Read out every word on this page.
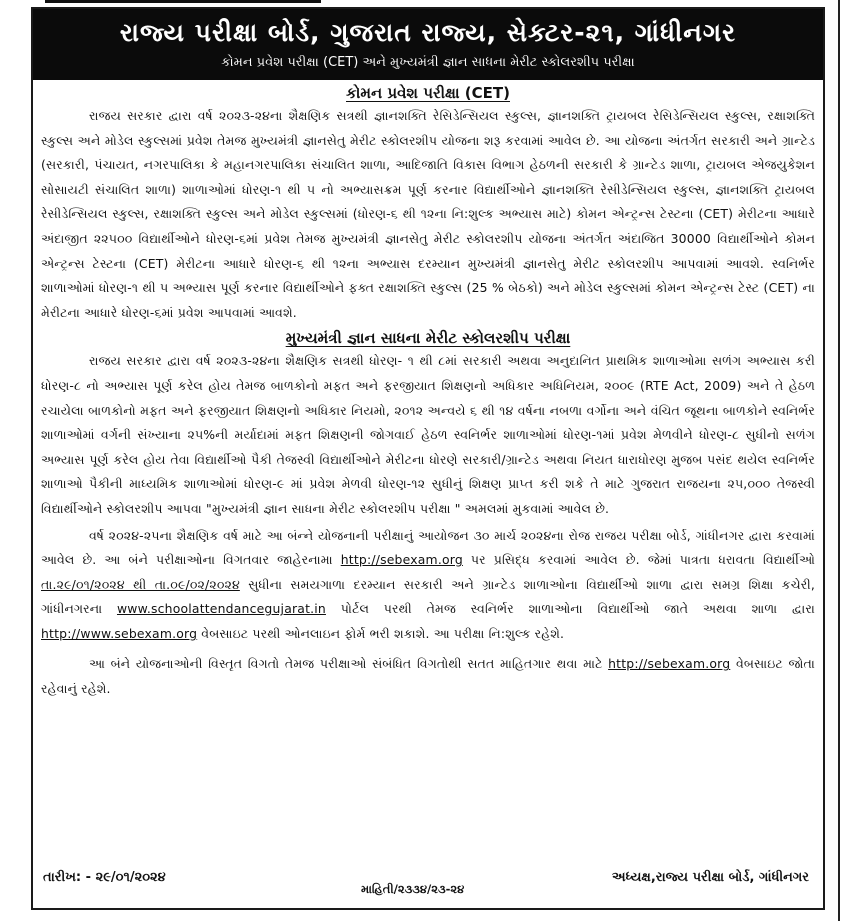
રાજ્ય પરીક્ષા બોર્ડ, ગુજરાત રાજ્ય, સેક્ટર-૨૧, ગાંધીનગર
કોમન પ્રવેશ પરીક્ષા (CET) અને મુખ્યમંત્રી જ્ઞાન સાધના મેરીટ સ્કોલરશીપ પરીક્ષા
કોમન પ્રવેશ પરીક્ષા (CET)

રાજય સરકાર દ્વારા વર્ષ ૨૦૨૩-૨૪ના શૈક્ષણિક સત્રથી જ્ઞાનશક્તિ રેસિડેન્સિયલ સ્કુલ્સ, જ્ઞાનશક્તિ ટ્રાયબલ રેસિડેન્સિયલ સ્કુલ્સ, રક્ષાશક્તિ સ્કુલ્સ અને મોડેલ સ્કુલ્સમાં પ્રવેશ તેમજ મુખ્યમંત્રી જ્ઞાનસેતુ મેરીટ સ્કોલરશીપ યોજના શરૂ કરવામાં આવેલ છે. આ યોજના અંતર્ગત સરકારી અને ગ્રાન્ટેડ (સરકારી, પંચાયત, નગરપાલિકા કે મહાનગરપાલિકા સંચાલિત શાળા, આદિજાતિ વિકાસ વિભાગ હેઠળની સરકારી કે ગ્રાન્ટેડ શાળા, ટ્રાયબલ એજયુકેશન સોસાયટી સંચાલિત શાળા) શાળાઓમાં ધોરણ-૧ થી ૫ નો અભ્યાસક્રમ પૂર્ણ કરનાર વિદ્યાર્થીઓને જ્ઞાનશક્તિ રેસીડેન્સિયલ સ્કુલ્સ, જ્ઞાનશક્તિ ટ્રાયબલ રેસીડેન્સિયલ સ્કુલ્સ, રક્ષાશક્તિ સ્કુલ્સ અને મોડેલ સ્કુલ્સમાં (ધોરણ-૬ થી ૧૨ના નિ:શુલ્ક અભ્યાસ માટે) કોમન એન્ટ્રન્સ ટેસ્ટના (CET) મેરીટના આધારે અંદાજીત ૨૨૫૦૦ વિદ્યાર્થીઓને ધોરણ-૬માં પ્રવેશ તેમજ મુખ્યમંત્રી જ્ઞાનસેતુ મેરીટ સ્કોલરશીપ યોજના અંતર્ગત અંદાજિત 30000 વિદ્યાર્થીઓને કોમન એન્ટ્રન્સ ટેસ્ટના (CET) મેરીટના આધારે ધોરણ-૬ થી ૧૨ના અભ્યાસ દરમ્યાન મુખ્યમંત્રી જ્ઞાનસેતુ મેરીટ સ્કોલરશીપ આપવામાં આવશે. સ્વનિર્ભર શાળાઓમાં ધોરણ-૧ થી ૫ અભ્યાસ પૂર્ણ કરનાર વિદ્યાર્થીઓને ફક્ત રક્ષાશક્તિ સ્કુલ્સ (25 % બેઠકો) અને મોડેલ સ્કુલ્સમાં કોમન એન્ટ્રન્સ ટેસ્ટ (CET) ના મેરીટના આધારે ધોરણ-૬માં પ્રવેશ આપવામાં આવશે.

મુખ્યમંત્રી જ્ઞાન સાધના મેરીટ સ્કોલરશીપ પરીક્ષા

રાજય સરકાર દ્વારા વર્ષ ૨૦૨૩-૨૪ના શૈક્ષણિક સત્રથી ધોરણ- ૧ થી ૮માં સરકારી અથવા અનુદાનિત પ્રાથમિક શાળાઓમા સળંગ અભ્યાસ કરી ધોરણ-૮ નો અભ્યાસ પૂર્ણ કરેલ હોય તેમજ બાળકોનો મફત અને ફરજીયાત શિક્ષણનો અધિકાર અધિનિયમ, ૨૦૦૯ (RTE Act, 2009) અને તે હેઠળ રચાયેલા બાળકોનો મફત અને ફરજીયાત શિક્ષણનો અધિકાર નિયમો, ૨૦૧૨ અન્વયે ૬ થી ૧૪ વર્ષના નબળા વર્ગોના અને વંચિત જૂથના બાળકોને સ્વનિર્ભર શાળાઓમાં વર્ગની સંખ્યાના ૨૫%ની મર્યાદામાં મફત શિક્ષણની જોગવાઈ હેઠળ સ્વનિર્ભર શાળાઓમાં ધોરણ-૧માં પ્રવેશ મેળવીને ધોરણ-૮ સુધીનો સળંગ અભ્યાસ પૂર્ણ કરેલ હોય તેવા વિદ્યાર્થીઓ પૈકી તેજસ્વી વિદ્યાર્થીઓને મેરીટના ધોરણે સરકારી/ગ્રાન્ટેડ અથવા નિયત ધારાધોરણ મુજબ પસંદ થયેલ સ્વનિર્ભર શાળાઓ પૈકીની માધ્યમિક શાળાઓમાં ધોરણ-૯ માં પ્રવેશ મેળવી ધોરણ-૧૨ સુધીનું શિક્ષણ પ્રાપ્ત કરી શકે તે માટે ગુજરાત રાજયના ૨૫,૦૦૦ તેજસ્વી વિદ્યાર્થીઓને સ્કોલરશીપ આપવા "મુખ્યમંત્રી જ્ઞાન સાધના મેરીટ સ્કોલરશીપ પરીક્ષા " અમલમાં મુકવામાં આવેલ છે.

વર્ષ ૨૦૨૪-૨૫ના શૈક્ષણિક વર્ષ માટે આ બંન્ને યોજનાની પરીક્ષાનું આયોજન ૩૦ માર્ચ ૨૦૨૪ના રોજ રાજય પરીક્ષા બોર્ડ, ગાંધીનગર દ્વારા કરવામાં આવેલ છે. આ બંને પરીક્ષાઓના વિગતવાર જાહેરનામા http://sebexam.org પર પ્રસિદ્ધ કરવામાં આવેલ છે. જેમાં પાત્રતા ધરાવતા વિદ્યાર્થીઓ તા.૨૯/૦૧/૨૦૨૪ થી તા.૦૯/૦૨/૨૦૨૪ સુધીના સમયગાળા દરમ્યાન સરકારી અને ગ્રાન્ટેડ શાળાઓના વિદ્યાર્થીઓ શાળા દ્વારા સમગ્ર શિક્ષા કચેરી, ગાંધીનગરના www.schoolattendancegujarat.in પોર્ટલ પરથી તેમજ સ્વનિર્ભર શાળાઓના વિદ્યાર્થીઓ જાતે અથવા શાળા દ્વારા http://www.sebexam.org વેબસાઇટ પરથી ઓનલાઇન ફોર્મ ભરી શકાશે. આ પરીક્ષા નિ:શુલ્ક રહેશે.

આ બંને યોજનાઓની વિસ્તૃત વિગતો તેમજ પરીક્ષાઓ સંબંધિત વિગતોથી સતત માહિતગાર થવા માટે http://sebexam.org વેબસાઇટ જોતા રહેવાનું રહેશે.

તારીખ: - ૨૯/૦૧/૨૦૨૪
માહિતી/૨૩૩૪/૨૩-૨૪
અધ્યક્ષ,રાજ્ય પરીક્ષા બોર્ડ, ગાંધીનગર
